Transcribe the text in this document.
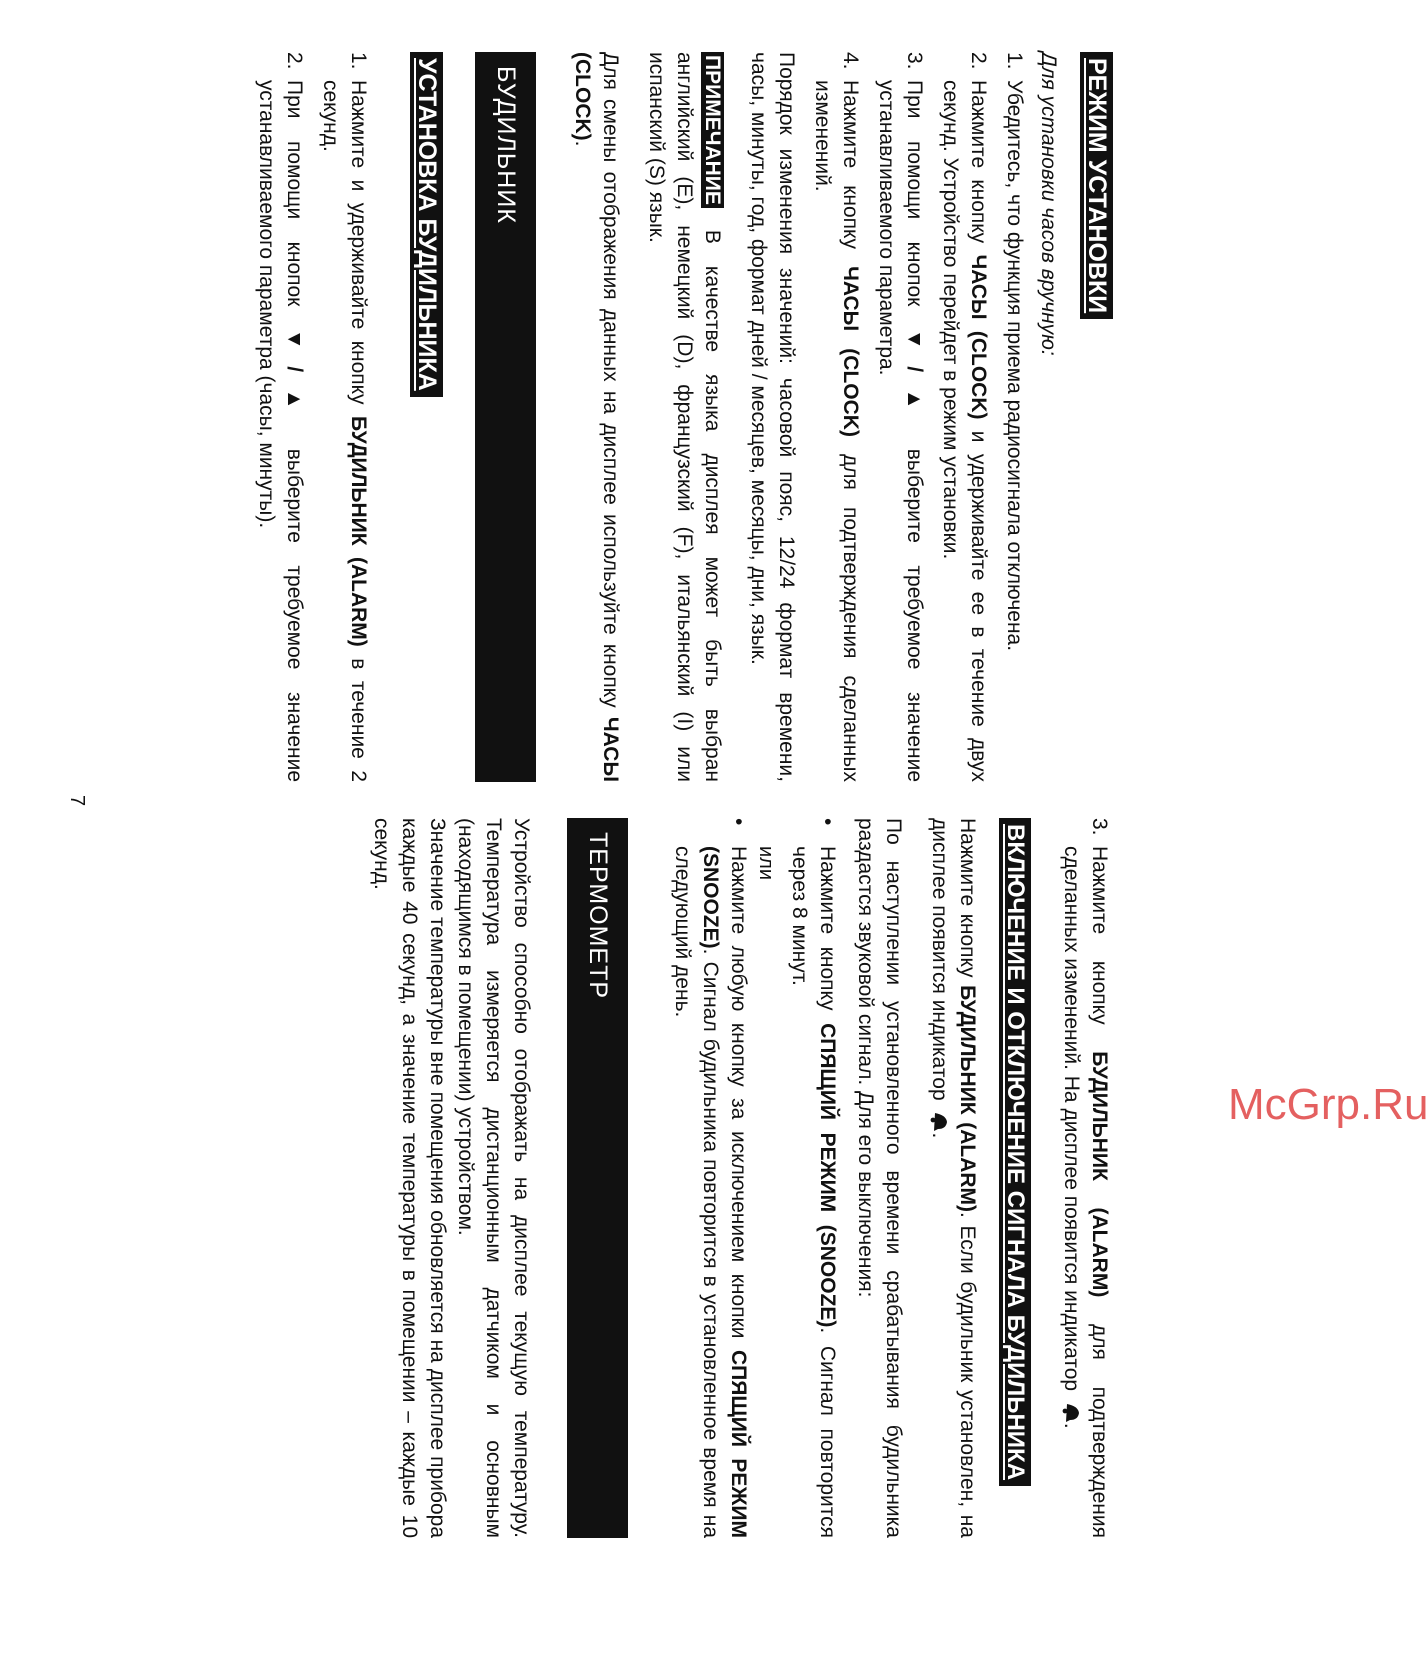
РЕЖИМ УСТАНОВКИ

Для установки часов вручную:

1.
Убедитесь, что функция приема радиосигнала отключена.
2.
Нажмите кнопку ЧАСЫ (CLOCK) и удерживайте ее в течение двух секунд. Устройство перейдет в режим установки.
3.
При помощи кнопок ▼/▲ выберите требуемое значение устанавливаемого параметра.
4.
Нажмите кнопку ЧАСЫ (CLOCK) для подтверждения сделанных изменений.

Порядок изменения значений: часовой пояс, 12/24 формат времени, часы, минуты, год, формат дней / месяцев, месяцы, дни, язык.

ПРИМЕЧАНИЕ В качестве языка дисплея может быть выбран английский (E), немецкий (D), французский (F), итальянский (I) или испанский (S) язык.

Для смены отображения данных на дисплее используйте кнопку ЧАСЫ (CLOCK).

БУДИЛЬНИК
УСТАНОВКА БУДИЛЬНИКА
1.
Нажмите и удерживайте кнопку БУДИЛЬНИК (ALARM) в течение 2 секунд.
2.
При помощи кнопок ▼/▲ выберите требуемое значение устанавливаемого параметра (часы, минуты).
3.
Нажмите кнопку БУДИЛЬНИК (ALARM) для подтверждения сделанных изменений. На дисплее появится индикатор .
ВКЛЮЧЕНИЕ И ОТКЛЮЧЕНИЕ СИГНАЛА БУДИЛЬНИКА

Нажмите кнопку БУДИЛЬНИК (ALARM). Если будильник установлен, на дисплее появится индикатор .

По наступлении установленного времени срабатывания будильника раздастся звуковой сигнал. Для его выключения:

•
Нажмите кнопку СПЯЩИЙ РЕЖИМ (SNOOZE). Сигнал повторится через 8 минут.
или
•
Нажмите любую кнопку за исключением кнопки СПЯЩИЙ РЕЖИМ (SNOOZE). Сигнал будильника повторится в установленное время на следующий день.
ТЕРМОМЕТР

Устройство способно отображать на дисплее текущую температуру. Температура измеряется дистанционным датчиком и основным (находящимся в помещении) устройством.

Значение температуры вне помещения обновляется на дисплее прибора каждые 40 секунд, а значение температуры в помещении – каждые 10 секунд.

7
McGrp.Ru
